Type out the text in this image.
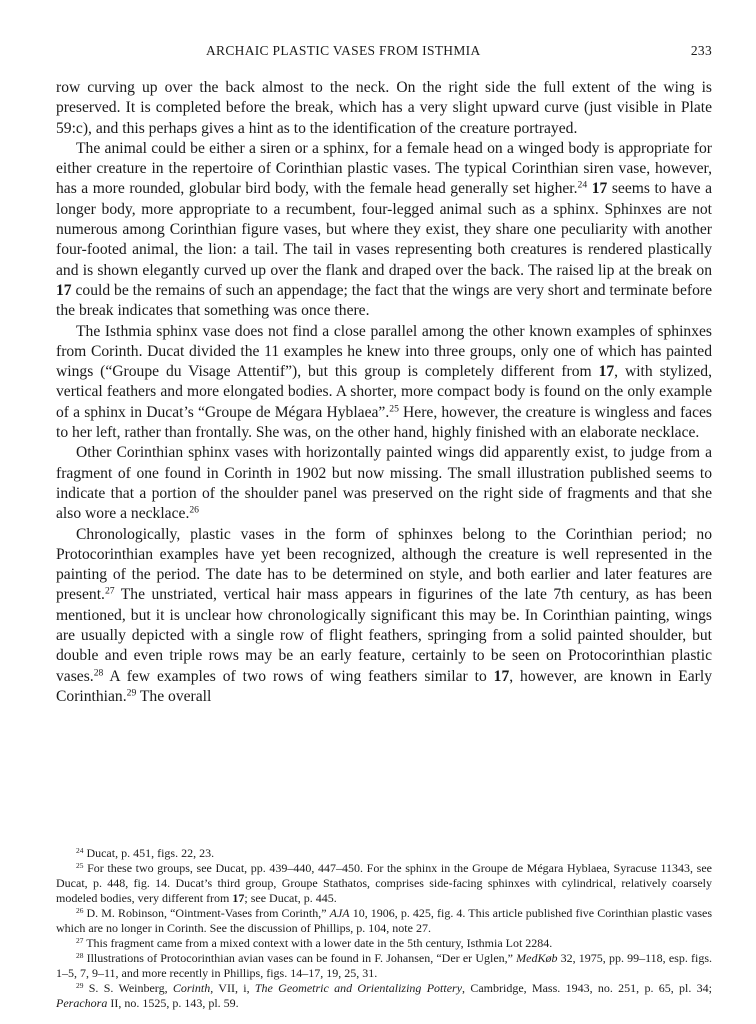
ARCHAIC PLASTIC VASES FROM ISTHMIA	233

row curving up over the back almost to the neck. On the right side the full extent of the wing is preserved. It is completed before the break, which has a very slight upward curve (just visible in Plate 59:c), and this perhaps gives a hint as to the identification of the creature portrayed.

The animal could be either a siren or a sphinx, for a female head on a winged body is appropriate for either creature in the repertoire of Corinthian plastic vases. The typical Corinthian siren vase, however, has a more rounded, globular bird body, with the female head generally set higher.$^{24}$ 17 seems to have a longer body, more appropriate to a recumbent, four-legged animal such as a sphinx. Sphinxes are not numerous among Corinthian figure vases, but where they exist, they share one peculiarity with another four-footed animal, the lion: a tail. The tail in vases representing both creatures is rendered plastically and is shown elegantly curved up over the flank and draped over the back. The raised lip at the break on 17 could be the remains of such an appendage; the fact that the wings are very short and terminate before the break indicates that something was once there.

The Isthmia sphinx vase does not find a close parallel among the other known examples of sphinxes from Corinth. Ducat divided the 11 examples he knew into three groups, only one of which has painted wings (“Groupe du Visage Attentif”), but this group is completely different from 17, with stylized, vertical feathers and more elongated bodies. A shorter, more compact body is found on the only example of a sphinx in Ducat’s “Groupe de Mégara Hyblaea”.$^{25}$ Here, however, the creature is wingless and faces to her left, rather than frontally. She was, on the other hand, highly finished with an elaborate necklace.

Other Corinthian sphinx vases with horizontally painted wings did apparently exist, to judge from a fragment of one found in Corinth in 1902 but now missing. The small illustration published seems to indicate that a portion of the shoulder panel was preserved on the right side of fragments and that she also wore a necklace.$^{26}$

Chronologically, plastic vases in the form of sphinxes belong to the Corinthian period; no Protocorinthian examples have yet been recognized, although the creature is well represented in the painting of the period. The date has to be determined on style, and both earlier and later features are present.$^{27}$ The unstriated, vertical hair mass appears in figurines of the late 7th century, as has been mentioned, but it is unclear how chronologically significant this may be. In Corinthian painting, wings are usually depicted with a single row of flight feathers, springing from a solid painted shoulder, but double and even triple rows may be an early feature, certainly to be seen on Protocorinthian plastic vases.$^{28}$ A few examples of two rows of wing feathers similar to 17, however, are known in Early Corinthian.$^{29}$ The overall

$^{24}$ Ducat, p. 451, figs. 22, 23.

$^{25}$ For these two groups, see Ducat, pp. 439–440, 447–450. For the sphinx in the Groupe de Mégara Hyblaea, Syracuse 11343, see Ducat, p. 448, fig. 14. Ducat’s third group, Groupe Stathatos, comprises side-facing sphinxes with cylindrical, relatively coarsely modeled bodies, very different from 17; see Ducat, p. 445.

$^{26}$ D. M. Robinson, “Ointment-Vases from Corinth,” AJA 10, 1906, p. 425, fig. 4. This article published five Corinthian plastic vases which are no longer in Corinth. See the discussion of Phillips, p. 104, note 27.

$^{27}$ This fragment came from a mixed context with a lower date in the 5th century, Isthmia Lot 2284.

$^{28}$ Illustrations of Protocorinthian avian vases can be found in F. Johansen, “Der er Uglen,” MedKøb 32, 1975, pp. 99–118, esp. figs. 1–5, 7, 9–11, and more recently in Phillips, figs. 14–17, 19, 25, 31.

$^{29}$ S. S. Weinberg, Corinth, VII, i, The Geometric and Orientalizing Pottery, Cambridge, Mass. 1943, no. 251, p. 65, pl. 34; Perachora II, no. 1525, p. 143, pl. 59.
